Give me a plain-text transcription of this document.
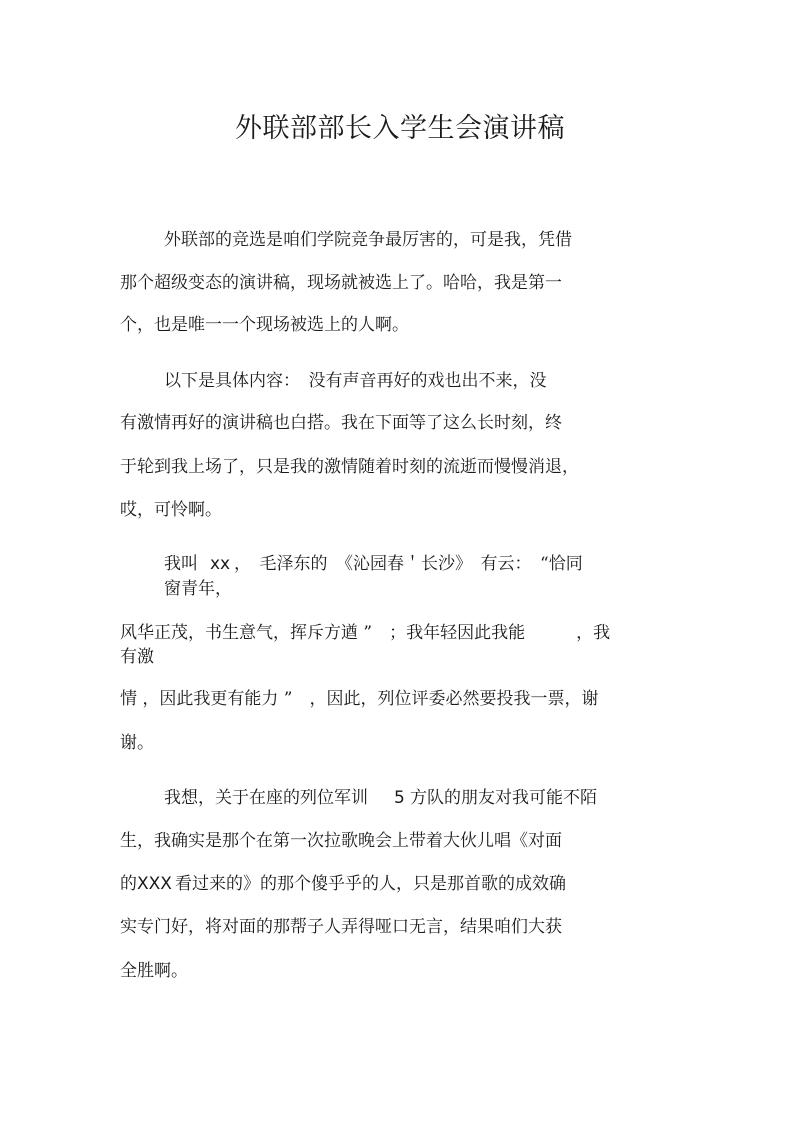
外联部部长入学生会演讲稿
外联部的竞选是咱们学院竞争最厉害的，可是我，凭借
那个超级变态的演讲稿，现场就被选上了。哈哈，我是第一
个，也是唯一一个现场被选上的人啊。
以下是具体内容：　没有声音再好的戏也出不来，没
有激情再好的演讲稿也白搭。我在下面等了这么长时刻，终
于轮到我上场了，只是我的激情随着时刻的流逝而慢慢消退，
哎，可怜啊。
我叫 xx ，　毛泽东的　《沁园春＇长沙》　有云：　“恰同
窗青年，
风华正茂，书生意气，挥斥方遒 ”　；我年轻因此我能　　　，我
有激
情 ，因此我更有能力 ”　，因此，列位评委必然要投我一票，谢
谢。
我想，关于在座的列位军训 5 方队的朋友对我可能不陌
生，我确实是那个在第一次拉歌晚会上带着大伙儿唱《对面
的 XXX 看过来的》的那个傻乎乎的人，只是那首歌的成效确
实专门好，将对面的那帮子人弄得哑口无言，结果咱们大获
全胜啊。
